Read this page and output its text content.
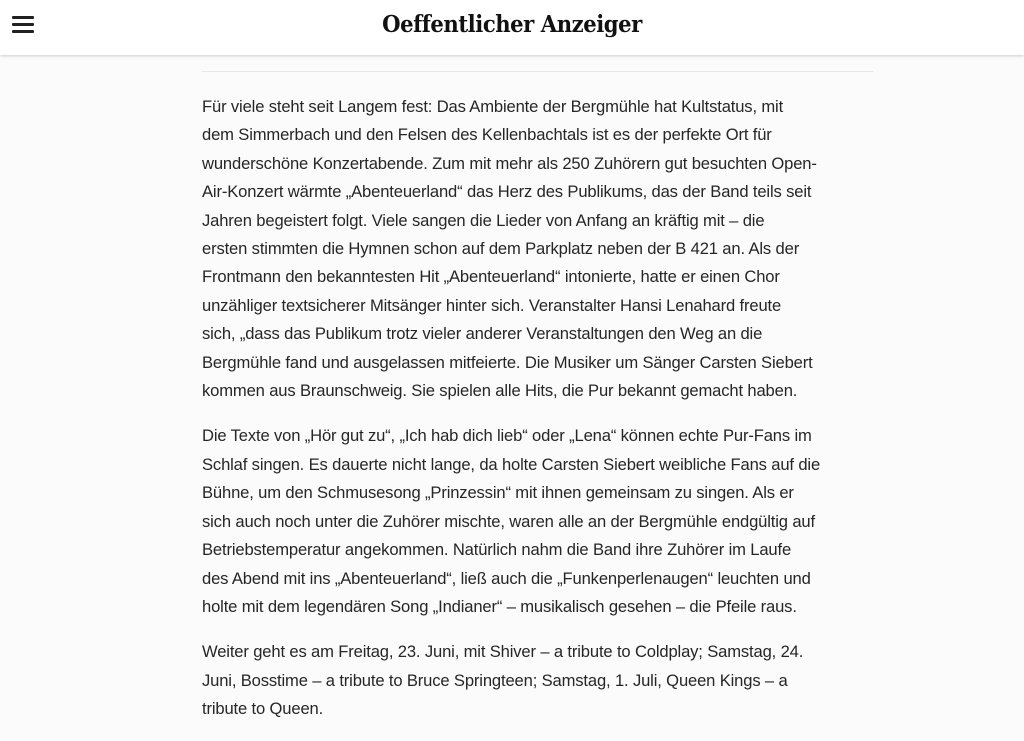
Oeffentlicher Anzeiger

Für viele steht seit Langem fest: Das Ambiente der Bergmühle hat Kultstatus, mit
dem Simmerbach und den Felsen des Kellenbachtals ist es der perfekte Ort für
wunderschöne Konzertabende. Zum mit mehr als 250 Zuhörern gut besuchten Open-
Air-Konzert wärmte „Abenteuerland“ das Herz des Publikums, das der Band teils seit
Jahren begeistert folgt. Viele sangen die Lieder von Anfang an kräftig mit – die
ersten stimmten die Hymnen schon auf dem Parkplatz neben der B 421 an. Als der
Frontmann den bekanntesten Hit „Abenteuerland“ intonierte, hatte er einen Chor
unzähliger textsicherer Mitsänger hinter sich. Veranstalter Hansi Lenahard freute
sich, „dass das Publikum trotz vieler anderer Veranstaltungen den Weg an die
Bergmühle fand und ausgelassen mitfeierte. Die Musiker um Sänger Carsten Siebert
kommen aus Braunschweig. Sie spielen alle Hits, die Pur bekannt gemacht haben.

Die Texte von „Hör gut zu“, „Ich hab dich lieb“ oder „Lena“ können echte Pur-Fans im
Schlaf singen. Es dauerte nicht lange, da holte Carsten Siebert weibliche Fans auf die
Bühne, um den Schmusesong „Prinzessin“ mit ihnen gemeinsam zu singen. Als er
sich auch noch unter die Zuhörer mischte, waren alle an der Bergmühle endgültig auf
Betriebstemperatur angekommen. Natürlich nahm die Band ihre Zuhörer im Laufe
des Abend mit ins „Abenteuerland“, ließ auch die „Funkenperlenaugen“ leuchten und
holte mit dem legendären Song „Indianer“ – musikalisch gesehen – die Pfeile raus.

Weiter geht es am Freitag, 23. Juni, mit Shiver – a tribute to Coldplay; Samstag, 24.
Juni, Bosstime – a tribute to Bruce Springteen; Samstag, 1. Juli, Queen Kings – a
tribute to Queen.
